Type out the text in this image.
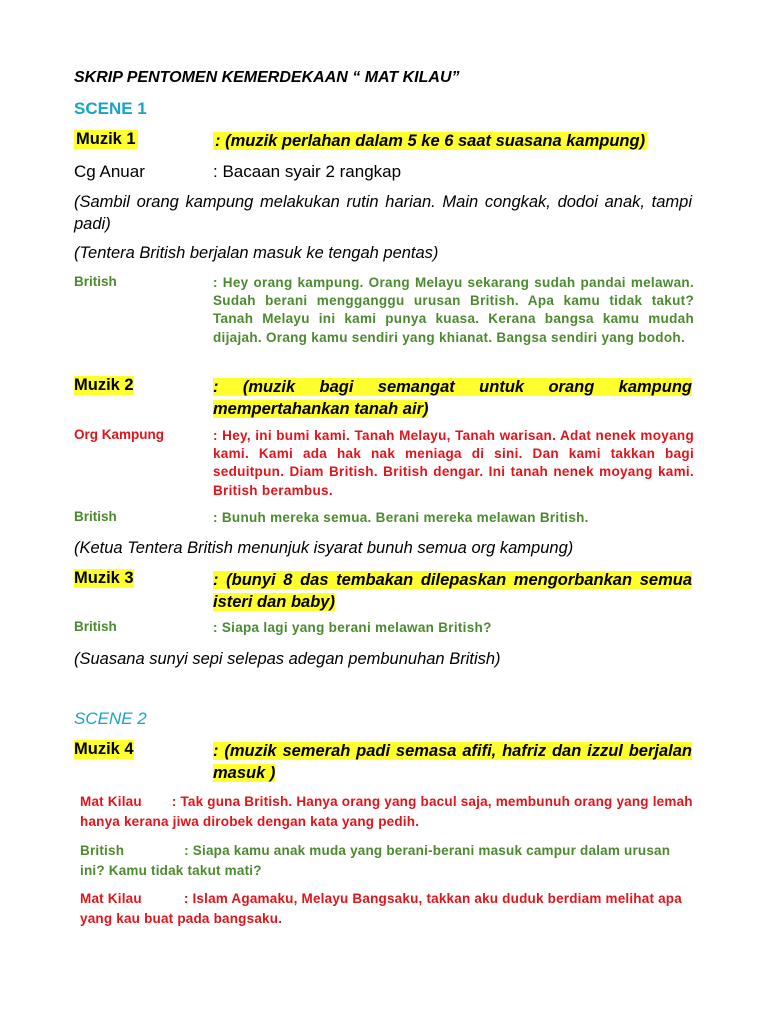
SKRIP PENTOMEN KEMERDEKAAN “ MAT KILAU”
SCENE 1
Muzik 1	: (muzik perlahan dalam 5 ke 6 saat suasana kampung)
Cg Anuar	: Bacaan syair 2 rangkap
(Sambil orang kampung melakukan rutin harian. Main congkak, dodoi anak, tampi padi)
(Tentera British berjalan masuk ke tengah pentas)
British	: Hey orang kampung. Orang Melayu sekarang sudah pandai melawan. Sudah berani mengganggu urusan British. Apa kamu tidak takut? Tanah Melayu ini kami punya kuasa. Kerana bangsa kamu mudah dijajah. Orang kamu sendiri yang khianat. Bangsa sendiri yang bodoh.
Muzik 2	: (muzik bagi semangat untuk orang kampung mempertahankan tanah air)
Org Kampung	: Hey, ini bumi kami. Tanah Melayu, Tanah warisan. Adat nenek moyang kami. Kami ada hak nak meniaga di sini. Dan kami takkan bagi seduitpun. Diam British. British dengar. Ini tanah nenek moyang kami. British berambus.
British	: Bunuh mereka semua. Berani mereka melawan British.
(Ketua Tentera British menunjuk isyarat bunuh semua org kampung)
Muzik 3	: (bunyi 8 das tembakan dilepaskan mengorbankan semua isteri dan baby)
British	: Siapa lagi yang berani melawan British?
(Suasana sunyi sepi selepas adegan pembunuhan British)
SCENE 2
Muzik 4	: (muzik semerah padi semasa afifi, hafriz dan izzul berjalan masuk )
Mat Kilau : Tak guna British. Hanya orang yang bacul saja, membunuh orang yang lemah hanya kerana jiwa dirobek dengan kata yang pedih.
British	: Siapa kamu anak muda yang berani-berani masuk campur dalam urusan ini? Kamu tidak takut mati?
Mat Kilau	: Islam Agamaku, Melayu Bangsaku, takkan aku duduk berdiam melihat apa yang kau buat pada bangsaku.
